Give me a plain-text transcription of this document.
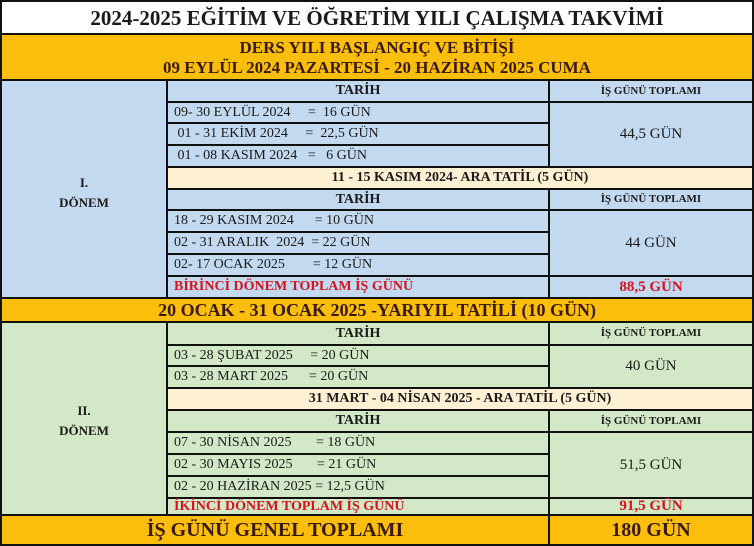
2024-2025 EĞİTİM VE ÖĞRETİM YILI ÇALIŞMA TAKVİMİ
DERS YILI BAŞLANGIÇ VE BİTİŞİ
09 EYLÜL 2024 PAZARTESİ - 20 HAZİRAN 2025 CUMA
I.
DÖNEM
TARİH	İŞ GÜNÜ TOPLAMI
09- 30 EYLÜL 2024     =  16 GÜN
01 - 31 EKİM 2024     =  22,5 GÜN
01 - 08 KASIM 2024   =   6 GÜN
44,5 GÜN
11 - 15 KASIM 2024- ARA TATİL (5 GÜN)
TARİH	İŞ GÜNÜ TOPLAMI
18 - 29 KASIM 2024      = 10 GÜN
02 - 31 ARALIK  2024  = 22 GÜN
02- 17 OCAK 2025        = 12 GÜN
44 GÜN
BİRİNCİ DÖNEM TOPLAM İŞ GÜNÜ	88,5 GÜN
20 OCAK - 31 OCAK 2025 -YARIYIL TATİLİ (10 GÜN)
II.
DÖNEM
TARİH	İŞ GÜNÜ TOPLAMI
03 - 28 ŞUBAT 2025     = 20 GÜN
03 - 28 MART 2025      = 20 GÜN
40 GÜN
31 MART - 04 NİSAN 2025 - ARA TATİL (5 GÜN)
TARİH	İŞ GÜNÜ TOPLAMI
07 - 30 NİSAN 2025       = 18 GÜN
02 - 30 MAYIS 2025       = 21 GÜN
02 - 20 HAZİRAN 2025 = 12,5 GÜN
51,5 GÜN
İKİNCİ DÖNEM TOPLAM İŞ GÜNÜ	91,5 GÜN
İŞ GÜNÜ GENEL TOPLAMI	180 GÜN
